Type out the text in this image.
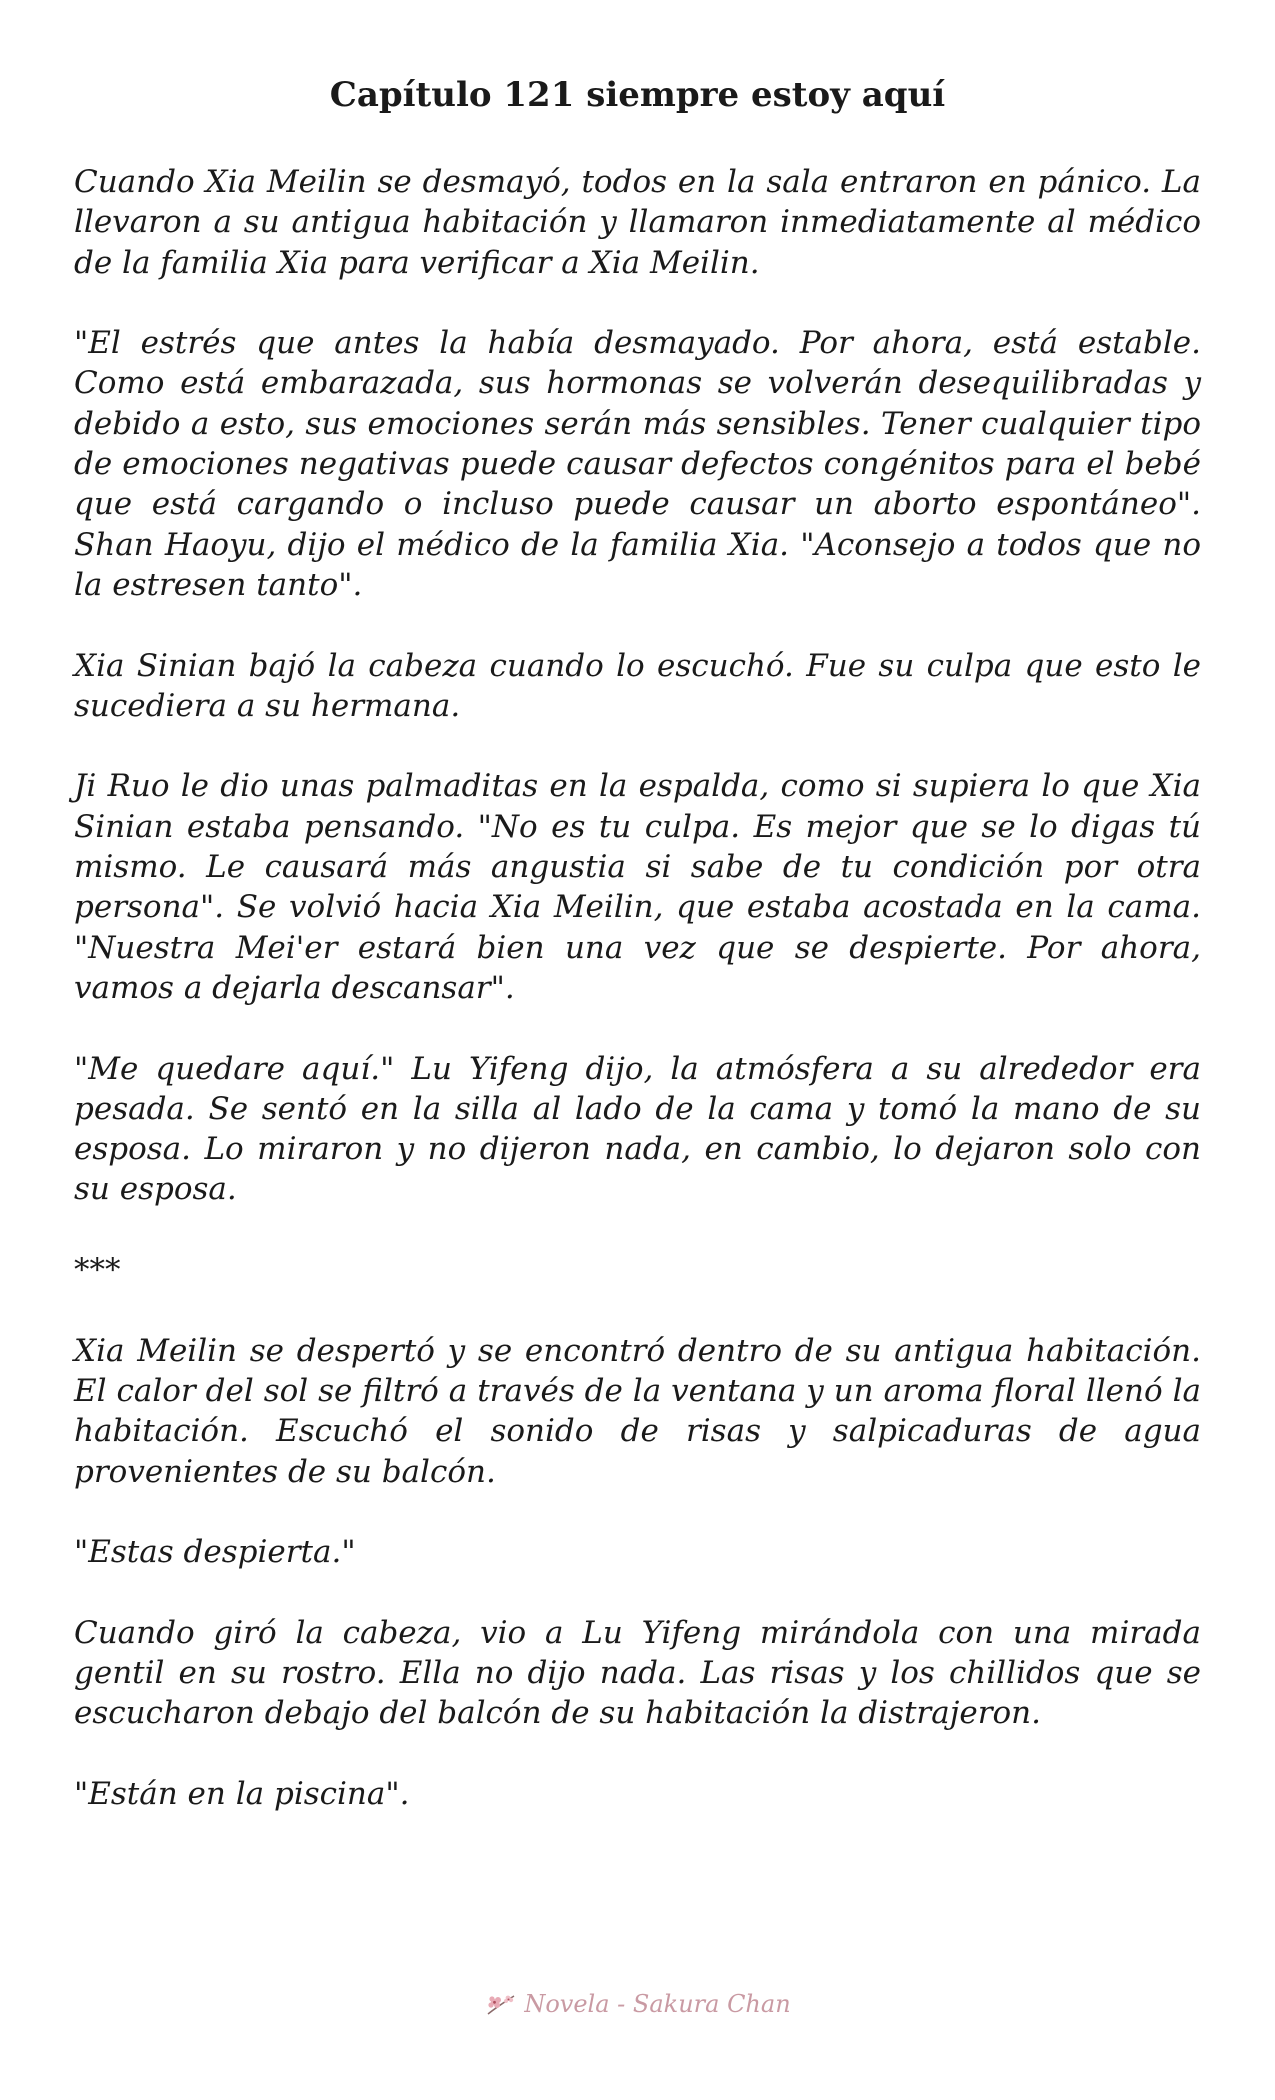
Capítulo 121 siempre estoy aquí

Cuando Xia Meilin se desmayó, todos en la sala entraron en pánico. La llevaron a su antigua habitación y llamaron inmediatamente al médico de la familia Xia para verificar a Xia Meilin.

"El estrés que antes la había desmayado. Por ahora, está estable. Como está embarazada, sus hormonas se volverán desequilibradas y debido a esto, sus emociones serán más sensibles. Tener cualquier tipo de emociones negativas puede causar defectos congénitos para el bebé que está cargando o incluso puede causar un aborto espontáneo". Shan Haoyu, dijo el médico de la familia Xia. "Aconsejo a todos que no la estresen tanto".

Xia Sinian bajó la cabeza cuando lo escuchó. Fue su culpa que esto le sucediera a su hermana.

Ji Ruo le dio unas palmaditas en la espalda, como si supiera lo que Xia Sinian estaba pensando. "No es tu culpa. Es mejor que se lo digas tú mismo. Le causará más angustia si sabe de tu condición por otra persona". Se volvió hacia Xia Meilin, que estaba acostada en la cama. "Nuestra Mei'er estará bien una vez que se despierte. Por ahora, vamos a dejarla descansar".

"Me quedare aquí." Lu Yifeng dijo, la atmósfera a su alrededor era pesada. Se sentó en la silla al lado de la cama y tomó la mano de su esposa. Lo miraron y no dijeron nada, en cambio, lo dejaron solo con su esposa.

***

Xia Meilin se despertó y se encontró dentro de su antigua habitación. El calor del sol se filtró a través de la ventana y un aroma floral llenó la habitación. Escuchó el sonido de risas y salpicaduras de agua provenientes de su balcón.

"Estas despierta."

Cuando giró la cabeza, vio a Lu Yifeng mirándola con una mirada gentil en su rostro. Ella no dijo nada. Las risas y los chillidos que se escucharon debajo del balcón de su habitación la distrajeron.

"Están en la piscina".

Novela - Sakura Chan
